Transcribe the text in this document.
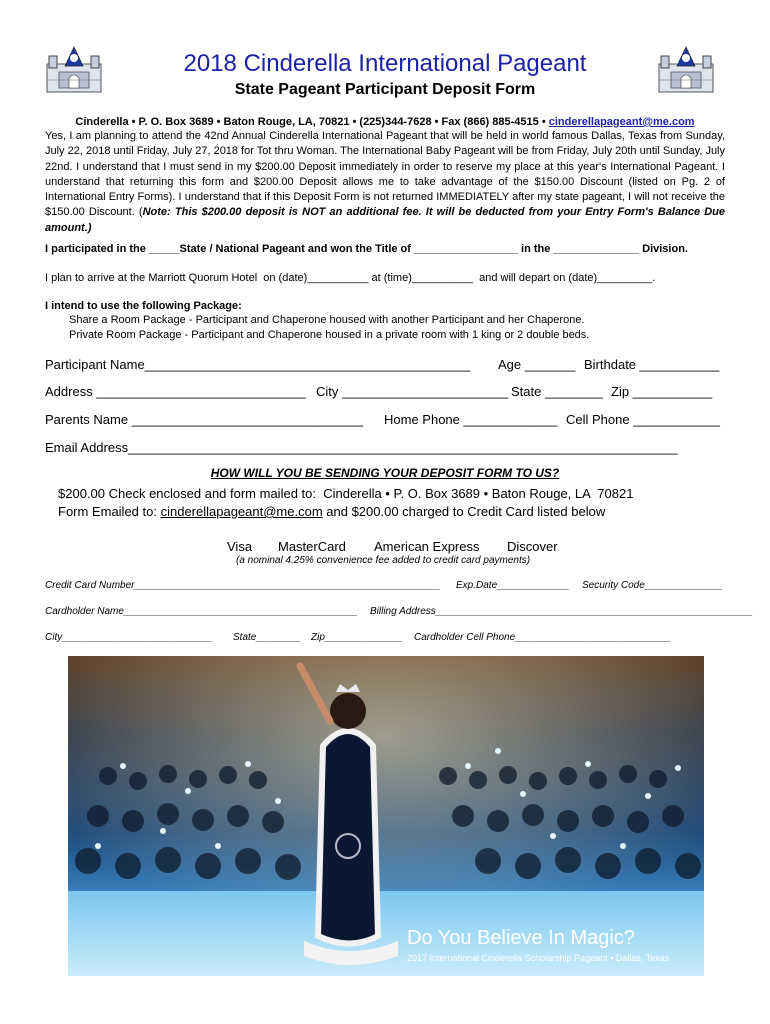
2018 Cinderella International Pageant
State Pageant Participant Deposit Form
Cinderella • P. O. Box 3689 • Baton Rouge, LA, 70821 • (225)344-7628 • Fax (866) 885-4515 • cinderellapageant@me.com
Yes, I am planning to attend the 42nd Annual Cinderella International Pageant that will be held in world famous Dallas, Texas from Sunday, July 22, 2018 until Friday, July 27, 2018 for Tot thru Woman. The International Baby Pageant will be from Friday, July 20th until Sunday, July 22nd. I understand that I must send in my $200.00 Deposit immediately in order to reserve my place at this year's International Pageant. I understand that returning this form and $200.00 Deposit allows me to take advantage of the $150.00 Discount (listed on Pg. 2 of International Entry Forms). I understand that if this Deposit Form is not returned IMMEDIATELY after my state pageant, I will not receive the $150.00 Discount. (Note: This $200.00 deposit is NOT an additional fee. It will be deducted from your Entry Form's Balance Due amount.)
I participated in the _____State / National Pageant and won the Title of _________________ in the ______________ Division.
I plan to arrive at the Marriott Quorum Hotel  on (date)__________ at (time)__________  and will depart on (date)_________.
I intend to use the following Package:
Share a Room Package - Participant and Chaperone housed with another Participant and her Chaperone.
Private Room Package - Participant and Chaperone housed in a private room with 1 king or 2 double beds.
Participant Name_____________________________________________ Age _______ Birthdate ___________
Address _____________________________ City _______________________ State ________ Zip ___________
Parents Name ________________________________ Home Phone _____________ Cell Phone ____________
Email Address____________________________________________________________________________
HOW WILL YOU BE SENDING YOUR DEPOSIT FORM TO US?
$200.00 Check enclosed and form mailed to:  Cinderella • P. O. Box 3689 • Baton Rouge, LA  70821
Form Emailed to: cinderellapageant@me.com and $200.00 charged to Credit Card listed below
Visa MasterCard American Express Discover
(a nominal 4.25% convenience fee added to credit card payments)
Credit Card Number_______________________________________________________ Exp.Date_____________ Security Code______________
Cardholder Name__________________________________________ Billing Address_________________________________________________________
City___________________________ State________ Zip______________ Cardholder Cell Phone____________________________
Do You Believe In Magic?
2017 International Cinderella Scholarship Pageant • Dallas, Texas
